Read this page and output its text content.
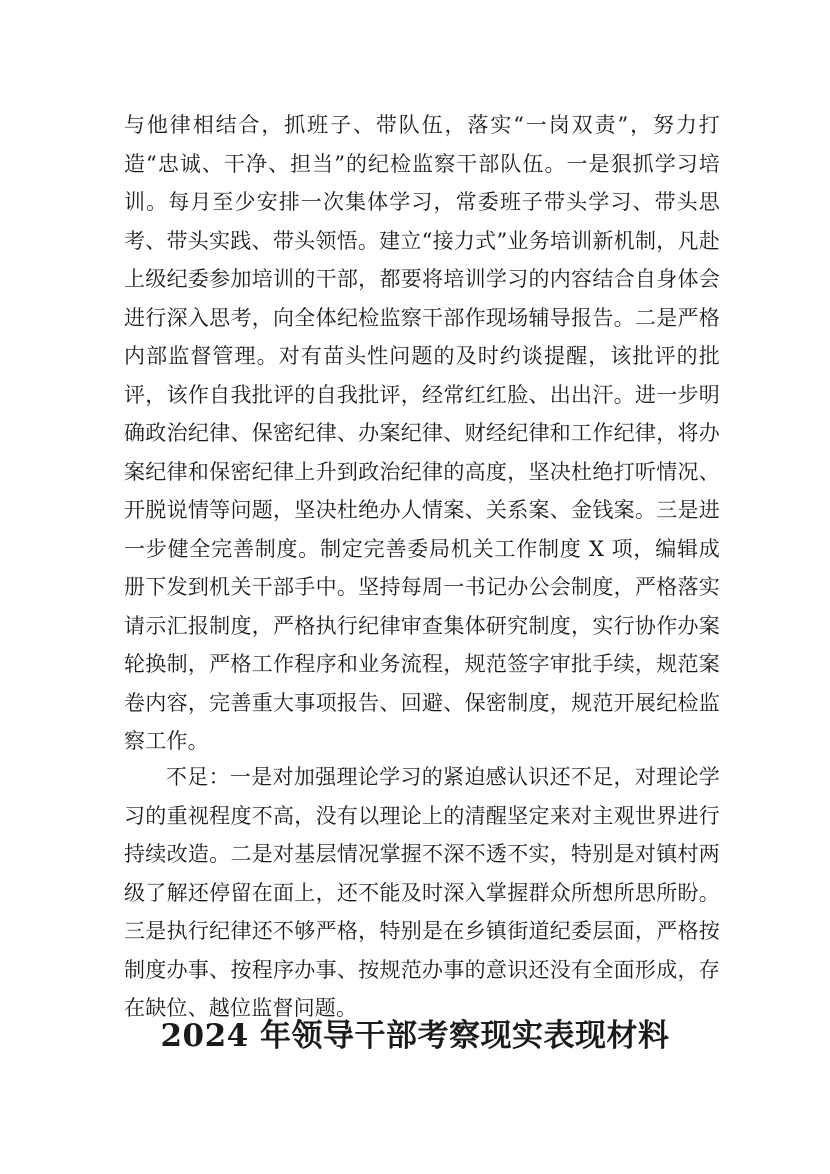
与他律相结合，抓班子、带队伍，落实“一岗双责”，努力打造“忠诚、干净、担当”的纪检监察干部队伍。一是狠抓学习培训。每月至少安排一次集体学习，常委班子带头学习、带头思考、带头实践、带头领悟。建立“接力式”业务培训新机制，凡赴上级纪委参加培训的干部，都要将培训学习的内容结合自身体会进行深入思考，向全体纪检监察干部作现场辅导报告。二是严格内部监督管理。对有苗头性问题的及时约谈提醒，该批评的批评，该作自我批评的自我批评，经常红红脸、出出汗。进一步明确政治纪律、保密纪律、办案纪律、财经纪律和工作纪律，将办案纪律和保密纪律上升到政治纪律的高度，坚决杜绝打听情况、开脱说情等问题，坚决杜绝办人情案、关系案、金钱案。三是进一步健全完善制度。制定完善委局机关工作制度 X 项，编辑成册下发到机关干部手中。坚持每周一书记办公会制度，严格落实请示汇报制度，严格执行纪律审查集体研究制度，实行协作办案轮换制，严格工作程序和业务流程，规范签字审批手续，规范案卷内容，完善重大事项报告、回避、保密制度，规范开展纪检监察工作。

不足：一是对加强理论学习的紧迫感认识还不足，对理论学习的重视程度不高，没有以理论上的清醒坚定来对主观世界进行持续改造。二是对基层情况掌握不深不透不实，特别是对镇村两级了解还停留在面上，还不能及时深入掌握群众所想所思所盼。三是执行纪律还不够严格，特别是在乡镇街道纪委层面，严格按制度办事、按程序办事、按规范办事的意识还没有全面形成，存在缺位、越位监督问题。

2024 年领导干部考察现实表现材料
